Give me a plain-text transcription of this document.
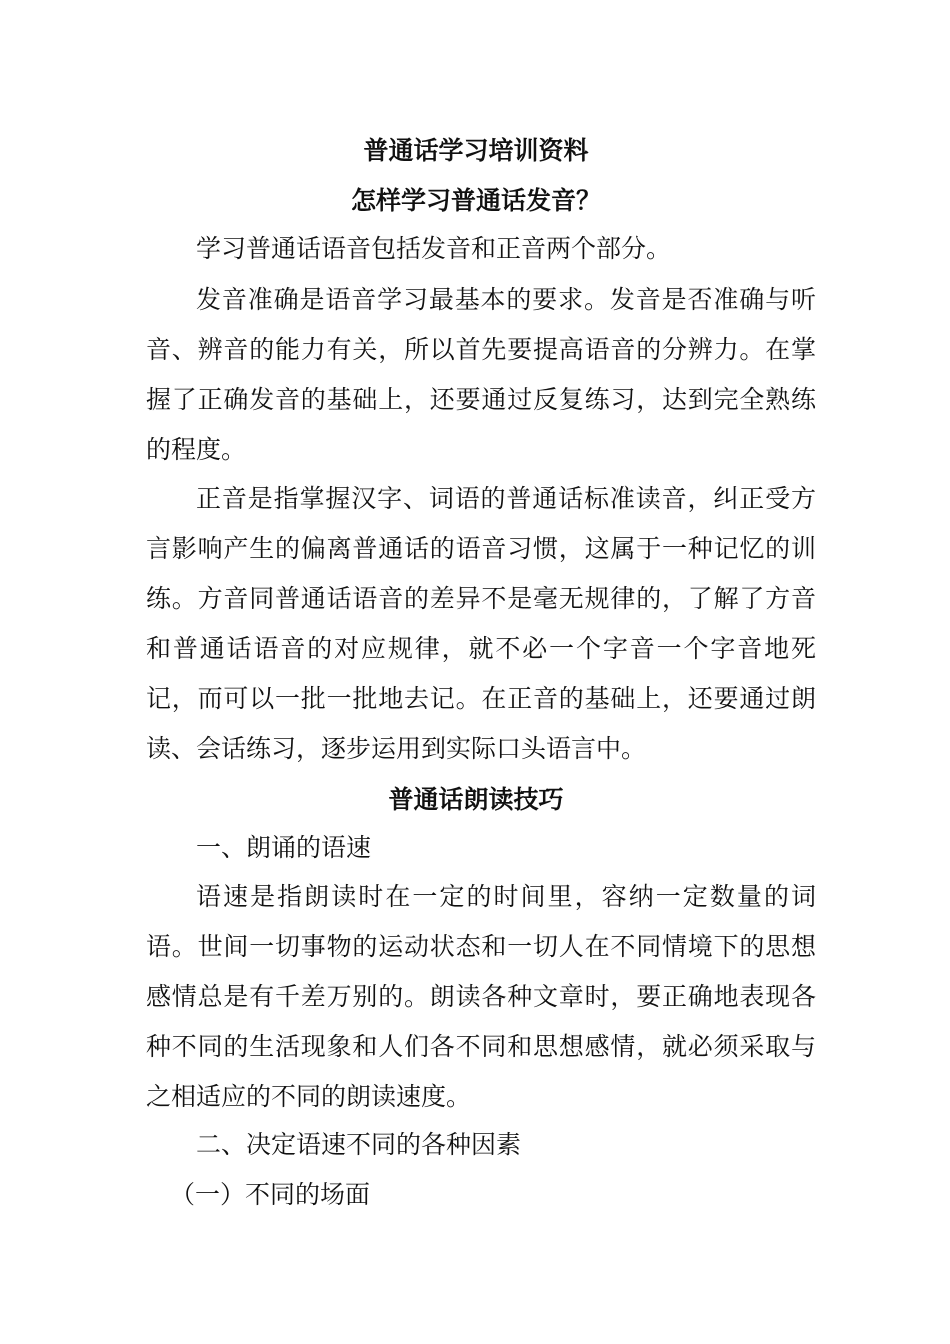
普通话学习培训资料
怎样学习普通话发音？

学习普通话语音包括发音和正音两个部分。

发音准确是语音学习最基本的要求。发音是否准确与听音、辨音的能力有关，所以首先要提高语音的分辨力。在掌握了正确发音的基础上，还要通过反复练习，达到完全熟练的程度。

正音是指掌握汉字、词语的普通话标准读音，纠正受方言影响产生的偏离普通话的语音习惯，这属于一种记忆的训练。方音同普通话语音的差异不是毫无规律的，了解了方音和普通话语音的对应规律，就不必一个字音一个字音地死记，而可以一批一批地去记。在正音的基础上，还要通过朗读、会话练习，逐步运用到实际口头语言中。

普通话朗读技巧

一、朗诵的语速

语速是指朗读时在一定的时间里，容纳一定数量的词语。世间一切事物的运动状态和一切人在不同情境下的思想感情总是有千差万别的。朗读各种文章时，要正确地表现各种不同的生活现象和人们各不同和思想感情，就必须采取与之相适应的不同的朗读速度。

二、决定语速不同的各种因素

（一）不同的场面
